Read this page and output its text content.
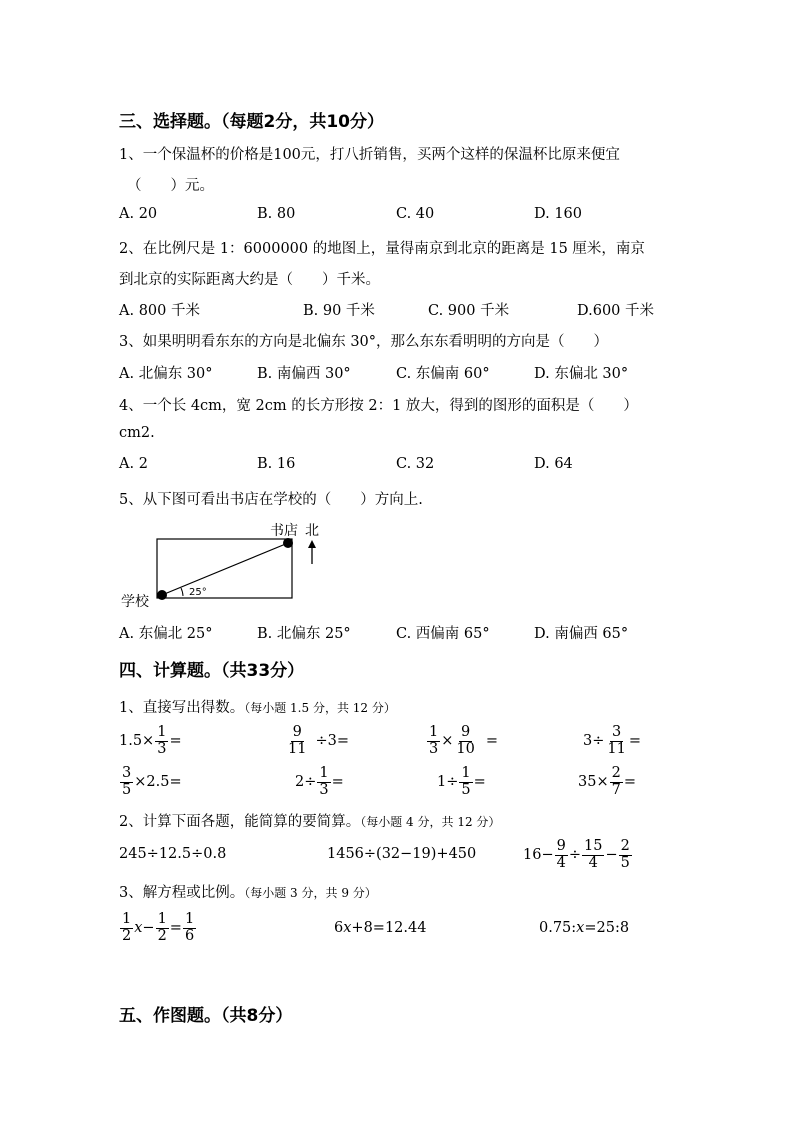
三、选择题。（每题2分，共10分）
1、一个保温杯的价格是100元，打八折销售，买两个这样的保温杯比原来便宜
（　　）元。
A. 20	B. 80	C. 40	D. 160
2、在比例尺是 1：6000000 的地图上，量得南京到北京的距离是 15 厘米，南京
到北京的实际距离大约是（　　）千米。
A. 800 千米	B. 90 千米	C. 900 千米	D.600 千米
3、如果明明看东东的方向是北偏东 30°，那么东东看明明的方向是（　　）
A. 北偏东 30°	B. 南偏西 30°	C. 东偏南 60°	D. 东偏北 30°
4、一个长 4cm，宽 2cm 的长方形按 2：1 放大，得到的图形的面积是（　　）
cm2.
A. 2	B. 16	C. 32	D. 64
5、从下图可看出书店在学校的（　　）方向上.
25°
书店 北
学校
A. 东偏北 25°	B. 北偏东 25°	C. 西偏南 65°	D. 南偏西 65°
四、计算题。（共33分）
1、直接写出得数。（每小题 1.5 分，共 12 分）
$1.5\times \frac{1}{3}$ =	$\frac{9}{11} \div 3=$	$\frac{1}{3} \times \frac{9}{10}$ =	$3\div \frac{3}{11}$ =
$\frac{3}{5} \times 2.5=$	$2\div \frac{1}{3}$ =	$1\div \frac{1}{5}$ =	$35\times \frac{2}{7}$ =
2、计算下面各题，能简算的要简算。（每小题 4 分，共 12 分）
245÷12.5÷0.8	1456÷(32−19)+450	$16- \frac{9}{4} \div \frac{15}{4} - \frac{2}{5}$
3、解方程或比例。（每小题 3 分，共 9 分）
$\frac{1}{2} x- \frac{1}{2} = \frac{1}{6}$	6x+8=12.44	0.75:x=25:8
五、作图题。（共8分）
